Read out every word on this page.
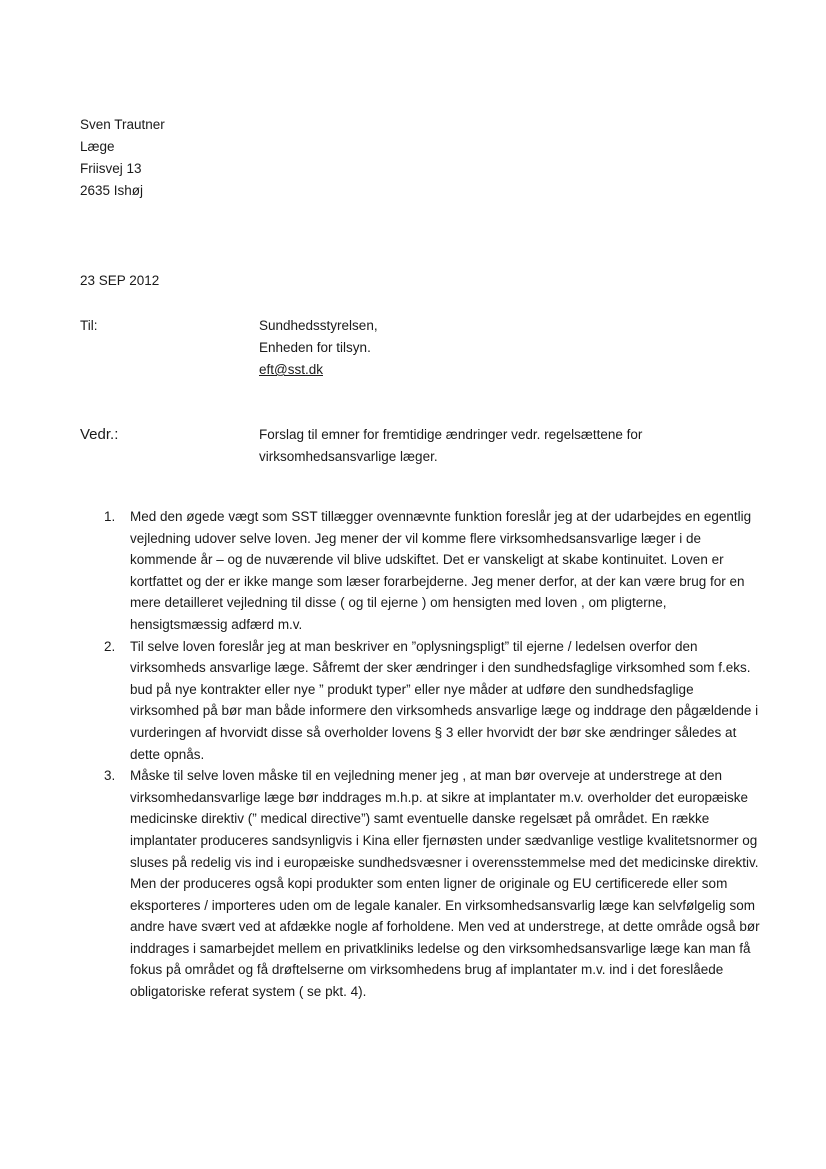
Sven Trautner
Læge
Friisvej 13
2635 Ishøj
23 SEP 2012
Til:	Sundhedsstyrelsen,
Enheden for tilsyn.
eft@sst.dk
Vedr.:	Forslag til emner for fremtidige ændringer vedr. regelsættene for virksomhedsansvarlige læger.
1. Med den øgede vægt som SST tillægger ovennævnte funktion foreslår jeg at der udarbejdes en egentlig vejledning udover selve loven. Jeg mener der vil komme flere virksomhedsansvarlige læger i de kommende år – og de nuværende vil blive udskiftet. Det er vanskeligt at skabe kontinuitet. Loven er kortfattet og der er ikke mange som læser forarbejderne. Jeg mener derfor, at der kan være brug for en mere detailleret vejledning til disse ( og til ejerne ) om hensigten med loven , om pligterne, hensigtsmæssig adfærd m.v.
2. Til selve loven foreslår jeg at man beskriver en ”oplysningspligt” til ejerne / ledelsen overfor den virksomheds ansvarlige læge. Såfremt der sker ændringer i den sundhedsfaglige virksomhed som f.eks. bud på nye kontrakter eller nye ” produkt typer” eller nye måder at udføre den sundhedsfaglige virksomhed på bør man både informere den virksomheds ansvarlige læge og inddrage den pågældende i vurderingen af hvorvidt disse så overholder lovens § 3 eller hvorvidt der bør ske ændringer således at dette opnås.
3. Måske til selve loven måske til en vejledning mener jeg , at man bør overveje at understrege at den virksomhedansvarlige læge bør inddrages m.h.p. at sikre at implantater m.v. overholder det europæiske medicinske direktiv (” medical directive”) samt eventuelle danske regelsæt på området. En række implantater produceres sandsynligvis i Kina eller fjernøsten under sædvanlige vestlige kvalitetsnormer og sluses på redelig vis ind i europæiske sundhedsvæsner i overensstemmelse med det medicinske direktiv. Men der produceres også kopi produkter som enten ligner de originale og EU certificerede eller som eksporteres / importeres uden om de legale kanaler. En virksomhedsansvarlig læge kan selvfølgelig som andre have svært ved at afdække nogle af forholdene. Men ved at understrege, at dette område også bør inddrages i samarbejdet mellem en privatkliniks ledelse og den virksomhedsansvarlige læge kan man få fokus på området og få drøftelserne om virksomhedens brug af implantater m.v. ind i det foreslåede obligatoriske referat system ( se pkt. 4).
